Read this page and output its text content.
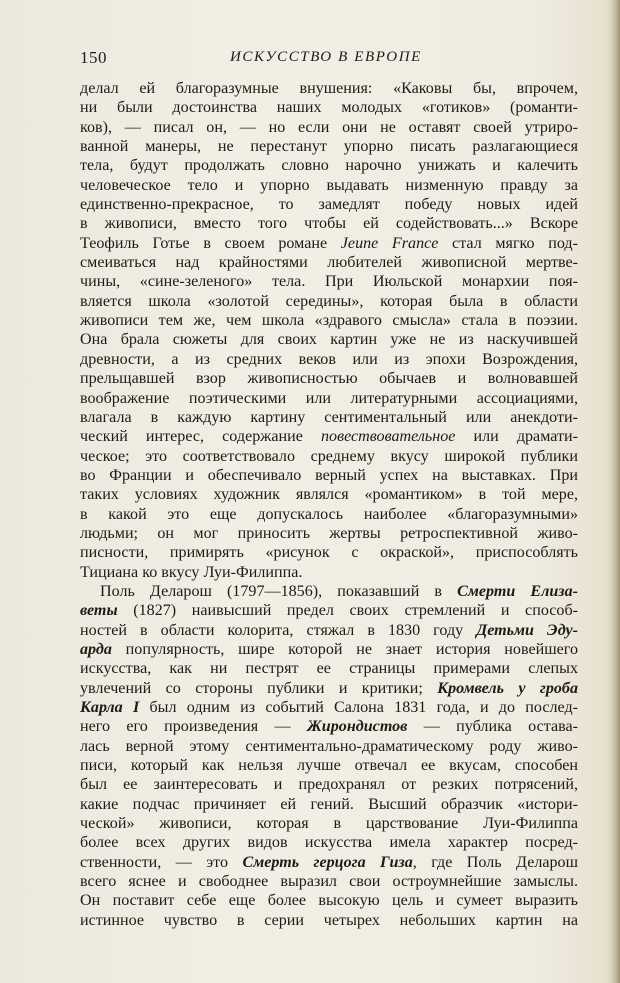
150	ИСКУССТВО В ЕВРОПЕ
делал ей благоразумные внушения: «Каковы бы, впрочем,
ни были достоинства наших молодых «готиков» (романти-
ков), — писал он, — но если они не оставят своей утриро-
ванной манеры, не перестанут упорно писать разлагающиеся
тела, будут продолжать словно нарочно унижать и калечить
человеческое тело и упорно выдавать низменную правду за
единственно-прекрасное, то замедлят победу новых идей
в живописи, вместо того чтобы ей содействовать...» Вскоре
Теофиль Готье в своем романе Jeune France стал мягко под-
смеиваться над крайностями любителей живописной мертве-
чины, «сине-зеленого» тела. При Июльской монархии поя-
вляется школа «золотой середины», которая была в области
живописи тем же, чем школа «здравого смысла» стала в поэзии.
Она брала сюжеты для своих картин уже не из наскучившей
древности, а из средних веков или из эпохи Возрождения,
прельщавшей взор живописностью обычаев и волновавшей
воображение поэтическими или литературными ассоциациями,
влагала в каждую картину сентиментальный или анекдоти-
ческий интерес, содержание повествовательное или драмати-
ческое; это соответствовало среднему вкусу широкой публики
во Франции и обеспечивало верный успех на выставках. При
таких условиях художник являлся «романтиком» в той мере,
в какой это еще допускалось наиболее «благоразумными»
людьми; он мог приносить жертвы ретроспективной живо-
писности, примирять «рисунок с окраской», приспособлять
Тициана ко вкусу Луи-Филиппа.
Поль Деларош (1797—1856), показавший в Смерти Елиза-
веты (1827) наивысший предел своих стремлений и способ-
ностей в области колорита, стяжал в 1830 году Детьми Эду-
арда популярность, шире которой не знает история новейшего
искусства, как ни пестрят ее страницы примерами слепых
увлечений со стороны публики и критики; Кромвель у гроба
Карла I был одним из событий Салона 1831 года, и до послед-
него его произведения — Жирондистов — публика остава-
лась верной этому сентиментально-драматическому роду живо-
писи, который как нельзя лучше отвечал ее вкусам, способен
был ее заинтересовать и предохранял от резких потрясений,
какие подчас причиняет ей гений. Высший образчик «истори-
ческой» живописи, которая в царствование Луи-Филиппа
более всех других видов искусства имела характер посред-
ственности, — это Смерть герцога Гиза, где Поль Деларош
всего яснее и свободнее выразил свои остроумнейшие замыслы.
Он поставит себе еще более высокую цель и сумеет выразить
истинное чувство в серии четырех небольших картин на
